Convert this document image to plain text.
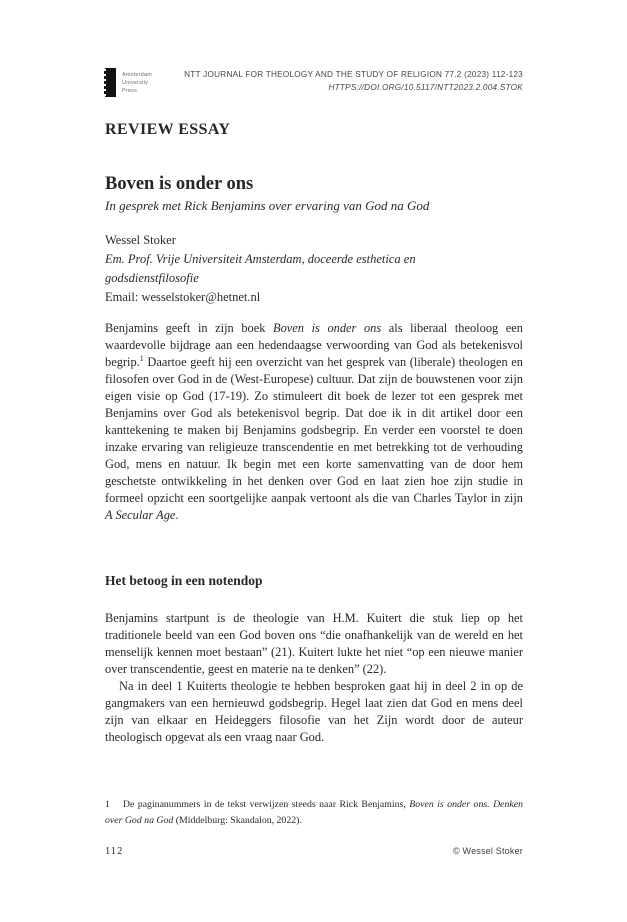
Amsterdam
University
Press
NTT JOURNAL FOR THEOLOGY AND THE STUDY OF RELIGION 77.2 (2023) 112-123
HTTPS://DOI.ORG/10.5117/NTT2023.2.004.STOK
REVIEW ESSAY
Boven is onder ons
In gesprek met Rick Benjamins over ervaring van God na God
Wessel Stoker
Em. Prof. Vrije Universiteit Amsterdam, doceerde esthetica en
godsdienstfilosofie
Email: wesselstoker@hetnet.nl

Benjamins geeft in zijn boek Boven is onder ons als liberaal theoloog een waardevolle bijdrage aan een hedendaagse verwoording van God als betekenisvol begrip.$^1$ Daartoe geeft hij een overzicht van het gesprek van (liberale) theologen en filosofen over God in de (West-Europese) cultuur. Dat zijn de bouwstenen voor zijn eigen visie op God (17-19). Zo stimuleert dit boek de lezer tot een gesprek met Benjamins over God als betekenisvol begrip. Dat doe ik in dit artikel door een kanttekening te maken bij Benjamins godsbegrip. En verder een voorstel te doen inzake ervaring van religieuze transcendentie en met betrekking tot de verhouding God, mens en natuur. Ik begin met een korte samenvatting van de door hem geschetste ontwikkeling in het denken over God en laat zien hoe zijn studie in formeel opzicht een soortgelijke aanpak vertoont als die van Charles Taylor in zijn A Secular Age.

Het betoog in een notendop

Benjamins startpunt is de theologie van H.M. Kuitert die stuk liep op het traditionele beeld van een God boven ons “die onafhankelijk van de wereld en het menselijk kennen moet bestaan” (21). Kuitert lukte het niet “op een nieuwe manier over transcendentie, geest en materie na te denken” (22).

Na in deel 1 Kuiterts theologie te hebben besproken gaat hij in deel 2 in op de gangmakers van een hernieuwd godsbegrip. Hegel laat zien dat God en mens deel zijn van elkaar en Heideggers filosofie van het Zijn wordt door de auteur theologisch opgevat als een vraag naar God.

1 De paginanummers in de tekst verwijzen steeds naar Rick Benjamins, Boven is onder ons. Denken over God na God (Middelburg: Skandalon, 2022).
112	© Wessel Stoker
